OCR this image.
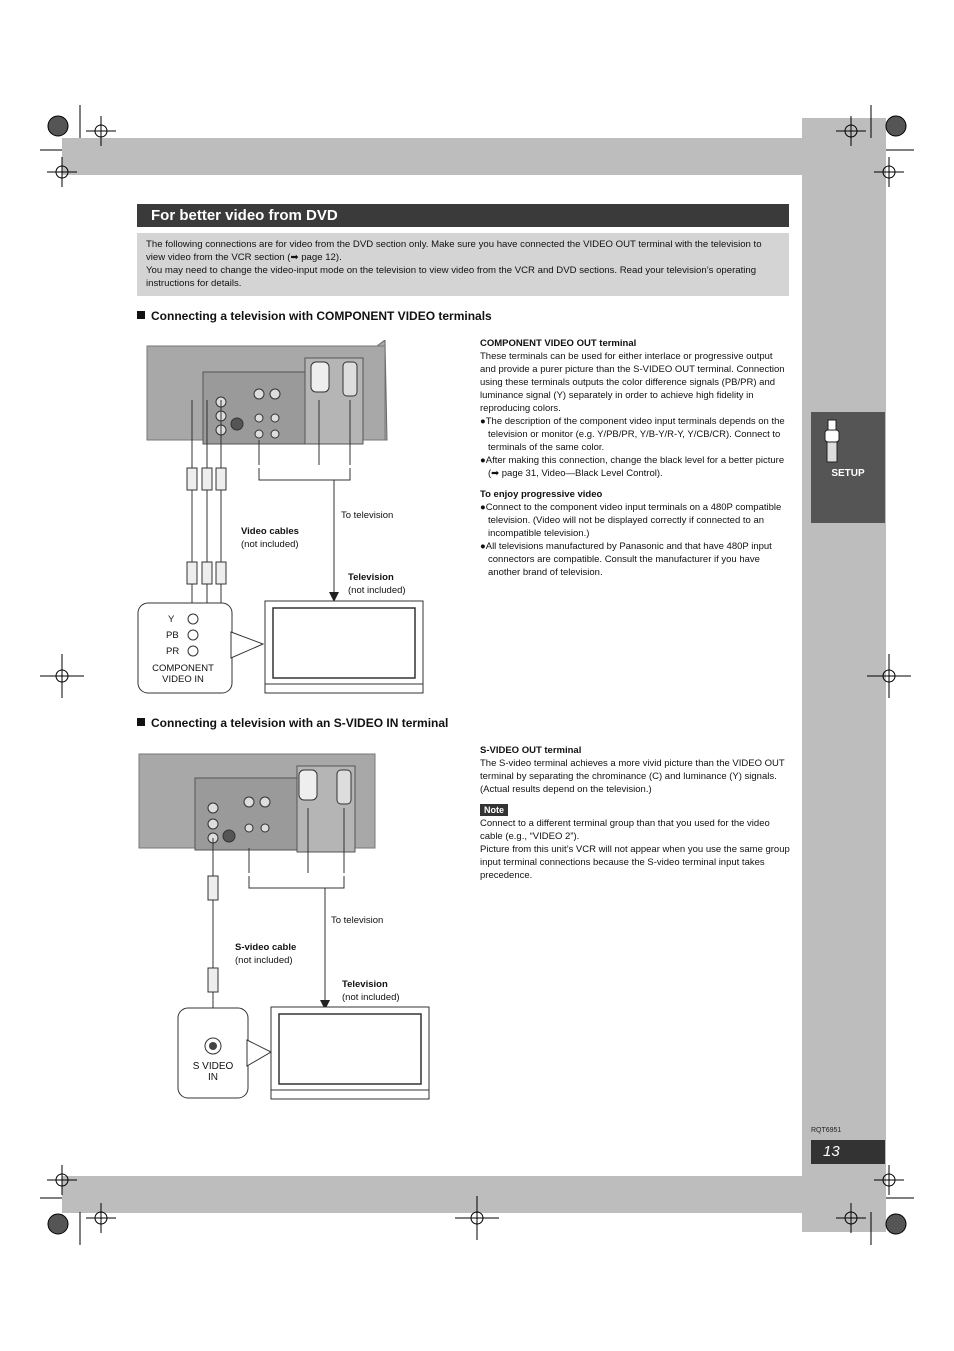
For better video from DVD

The following connections are for video from the DVD section only. Make sure you have connected the VIDEO OUT terminal with the television to view video from the VCR section (➡ page 12).

You may need to change the video-input mode on the television to view video from the VCR and DVD sections. Read your television’s operating instructions for details.

Connecting a television with COMPONENT VIDEO terminals
Video cables
(not included)
To television
Television
(not included)
Y
PB
PR
COMPONENT
VIDEO IN
COMPONENT VIDEO OUT terminal
These terminals can be used for either interlace or progressive output and provide a purer picture than the S-VIDEO OUT terminal. Connection using these terminals outputs the color difference signals (PB/PR) and luminance signal (Y) separately in order to achieve high fidelity in reproducing colors.
●The description of the component video input terminals depends on the television or monitor (e.g. Y/PB/PR, Y/B-Y/R-Y, Y/CB/CR). Connect to terminals of the same color.
●After making this connection, change the black level for a better picture (➡ page 31, Video—Black Level Control).
To enjoy progressive video
●Connect to the component video input terminals on a 480P compatible television. (Video will not be displayed correctly if connected to an incompatible television.)
●All televisions manufactured by Panasonic and that have 480P input connectors are compatible. Consult the manufacturer if you have another brand of television.
Connecting a television with an S-VIDEO IN terminal
S-video cable
(not included)
To television
Television
(not included)
S VIDEO
IN
S-VIDEO OUT terminal
The S-video terminal achieves a more vivid picture than the VIDEO OUT terminal by separating the chrominance (C) and luminance (Y) signals. (Actual results depend on the television.)
Note
Connect to a different terminal group than that you used for the video cable (e.g., “VIDEO 2”).
Picture from this unit’s VCR will not appear when you use the same group input terminal connections because the S-video terminal input takes precedence.
SETUP
RQT6951
13
